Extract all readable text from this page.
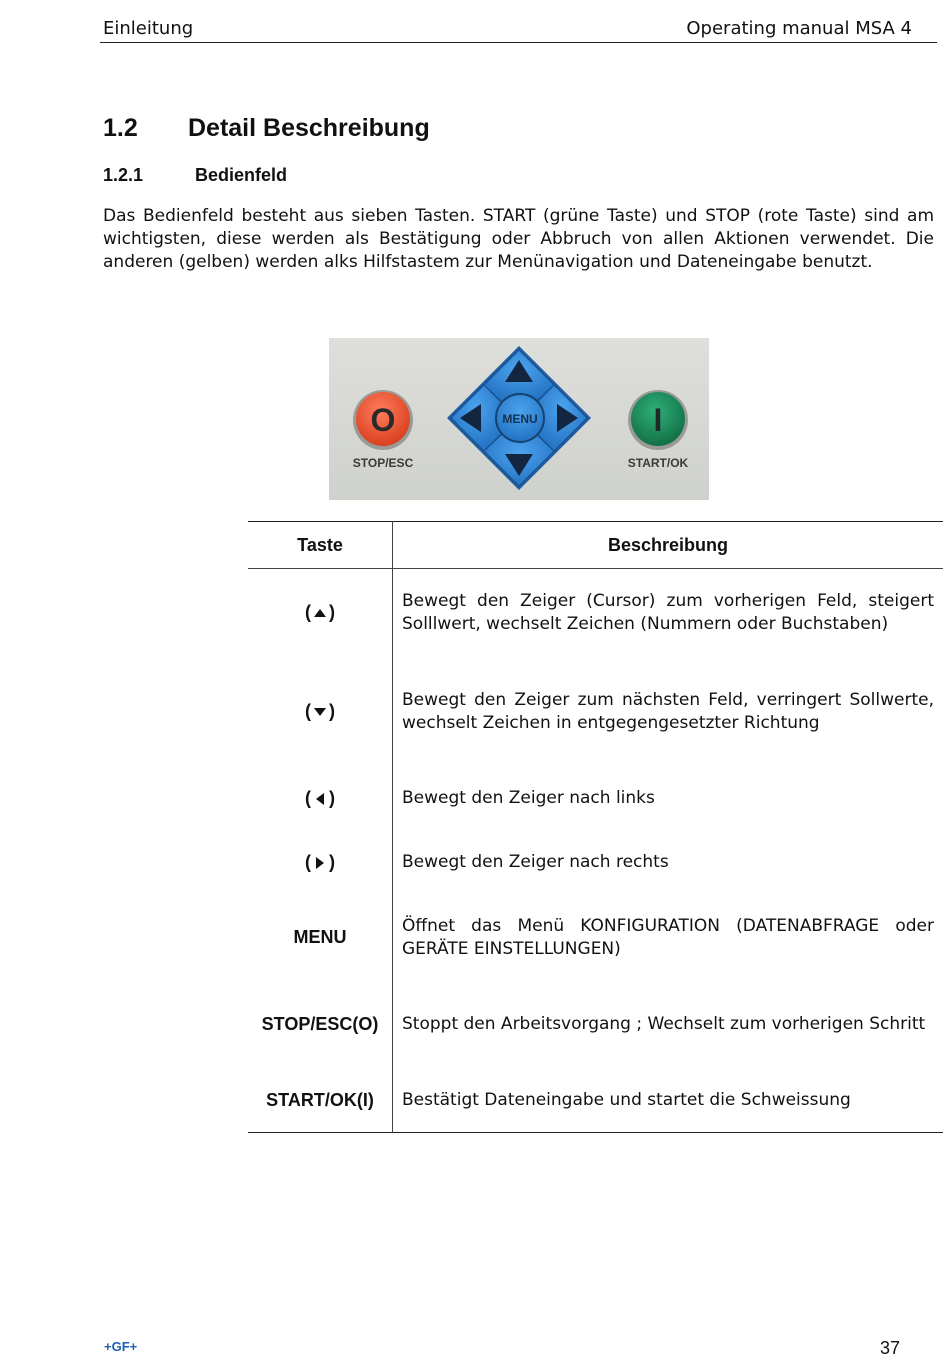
Einleitung	Operating manual MSA 4
1.2 Detail Beschreibung
1.2.1	Bedienfeld

Das Bedienfeld besteht aus sieben Tasten. START (grüne Taste) und STOP (rote Taste) sind am wichtigsten, diese werden als Bestätigung oder Abbruch von allen Aktionen verwendet. Die anderen (gelben) werden alks Hilfstastem zur Menünavigation und Dateneingabe benutzt.

O
STOP/ESC
MENU	I
START/OK
Taste	Beschreibung
( )	Bewegt den Zeiger (Cursor) zum vorherigen Feld, steigert Solllwert, wechselt Zeichen (Nummern oder Buchstaben)
( )	Bewegt den Zeiger zum nächsten Feld, verringert Sollwerte, wechselt Zeichen in entgegengesetzter Richtung
( )	Bewegt den Zeiger nach links
( )	Bewegt den Zeiger nach rechts
MENU	Öffnet das Menü KONFIGURATION (DATENABFRAGE oder GERÄTE EINSTELLUNGEN)
STOP/ESC(O)	Stoppt den Arbeitsvorgang ; Wechselt zum vorherigen Schritt
START/OK(I)	Bestätigt Dateneingabe und startet die Schweissung
+GF+	37
